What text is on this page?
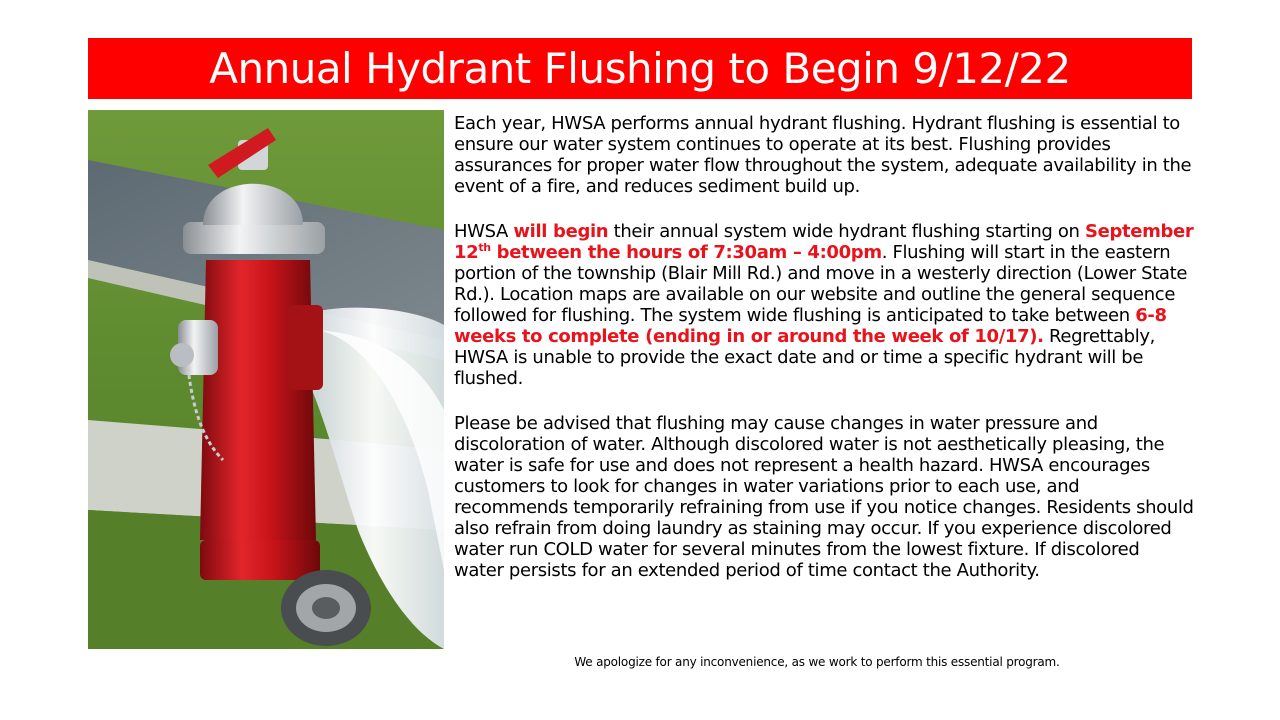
Annual Hydrant Flushing to Begin 9/12/22

Each year, HWSA performs annual hydrant flushing. Hydrant flushing is essential to ensure our water system continues to operate at its best. Flushing provides assurances for proper water flow throughout the system, adequate availability in the event of a fire, and reduces sediment build up.

HWSA will begin their annual system wide hydrant flushing starting on September 12th between the hours of 7:30am – 4:00pm. Flushing will start in the eastern portion of the township (Blair Mill Rd.) and move in a westerly direction (Lower State Rd.). Location maps are available on our website and outline the general sequence followed for flushing. The system wide flushing is anticipated to take between 6-8 weeks to complete (ending in or around the week of 10/17). Regrettably, HWSA is unable to provide the exact date and or time a specific hydrant will be flushed.

Please be advised that flushing may cause changes in water pressure and discoloration of water. Although discolored water is not aesthetically pleasing, the water is safe for use and does not represent a health hazard. HWSA encourages customers to look for changes in water variations prior to each use, and recommends temporarily refraining from use if you notice changes. Residents should also refrain from doing laundry as staining may occur. If you experience discolored water run COLD water for several minutes from the lowest fixture. If discolored water persists for an extended period of time contact the Authority.

We apologize for any inconvenience, as we work to perform this essential program.
